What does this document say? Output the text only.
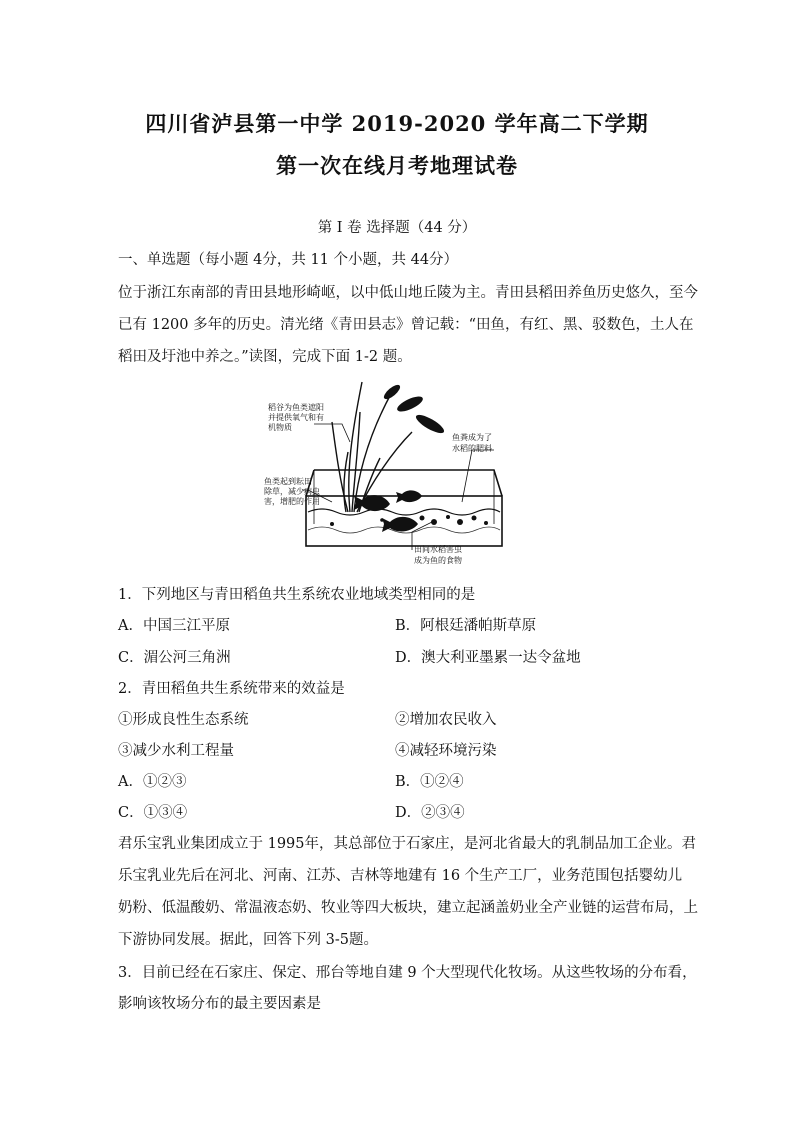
四川省泸县第一中学 2019-2020 学年高二下学期
第一次在线月考地理试卷
第 I 卷 选择题（44 分）
一、单选题（每小题 4分，共 11 个小题，共 44分）
位于浙江东南部的青田县地形崎岖，以中低山地丘陵为主。青田县稻田养鱼历史悠久，至今
已有 1200 多年的历史。清光绪《青田县志》曾记载：“田鱼，有红、黑、驳数色，土人在
稻田及圩池中养之。”读图，完成下面 1-2 题。
稻谷为鱼类遮阳
并提供氧气和有
机物质
鱼粪成为了
水稻的肥料
鱼类起到耘田
除草，减少病虫
害，增肥的作用
田间水稻害虫
成为鱼的食物
1．下列地区与青田稻鱼共生系统农业地域类型相同的是
A．中国三江平原	B．阿根廷潘帕斯草原
C．湄公河三角洲	D．澳大利亚墨累一达令盆地
2．青田稻鱼共生系统带来的效益是
①形成良性生态系统	②增加农民收入
③减少水利工程量	④减轻环境污染
A．①②③	B．①②④
C．①③④	D．②③④
君乐宝乳业集团成立于 1995年，其总部位于石家庄，是河北省最大的乳制品加工企业。君
乐宝乳业先后在河北、河南、江苏、吉林等地建有 16 个生产工厂，业务范围包括婴幼儿
奶粉、低温酸奶、常温液态奶、牧业等四大板块，建立起涵盖奶业全产业链的运营布局，上
下游协同发展。据此，回答下列 3-5题。
3．目前已经在石家庄、保定、邢台等地自建 9 个大型现代化牧场。从这些牧场的分布看，
影响该牧场分布的最主要因素是
